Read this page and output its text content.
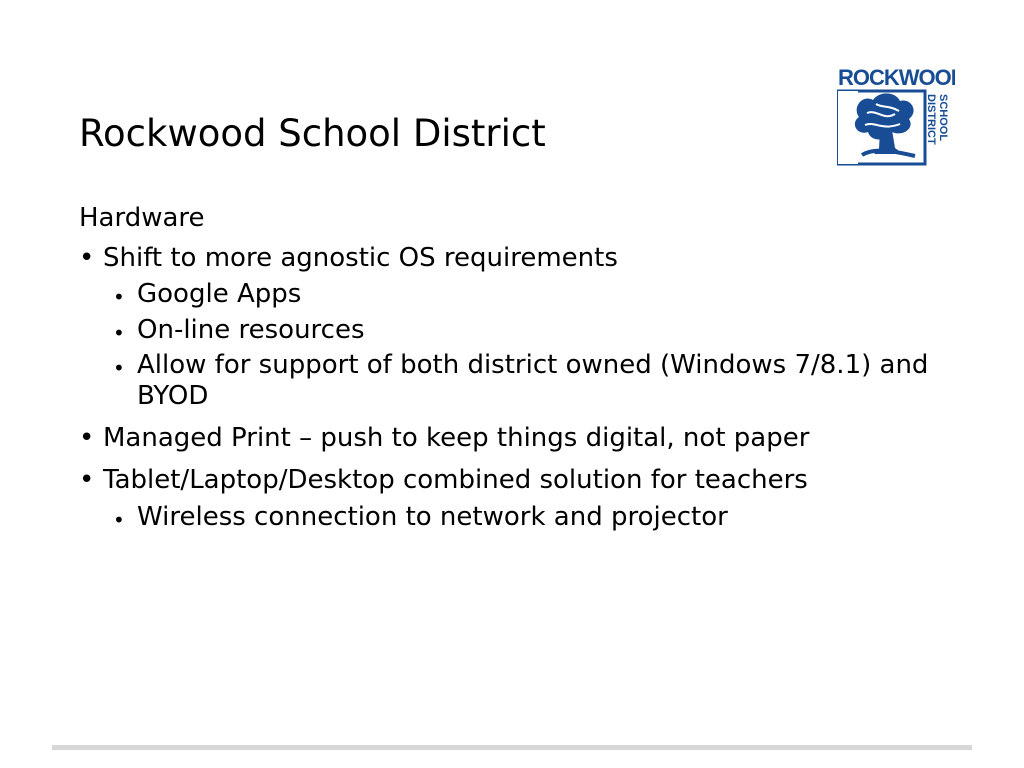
Rockwood School District
ROCKWOOD
SCHOOL
DISTRICT
Hardware
• Shift to more agnostic OS requirements
• Google Apps
• On-line resources
• Allow for support of both district owned (Windows 7/8.1) and BYOD
• Managed Print – push to keep things digital, not paper
• Tablet/Laptop/Desktop combined solution for teachers
• Wireless connection to network and projector
